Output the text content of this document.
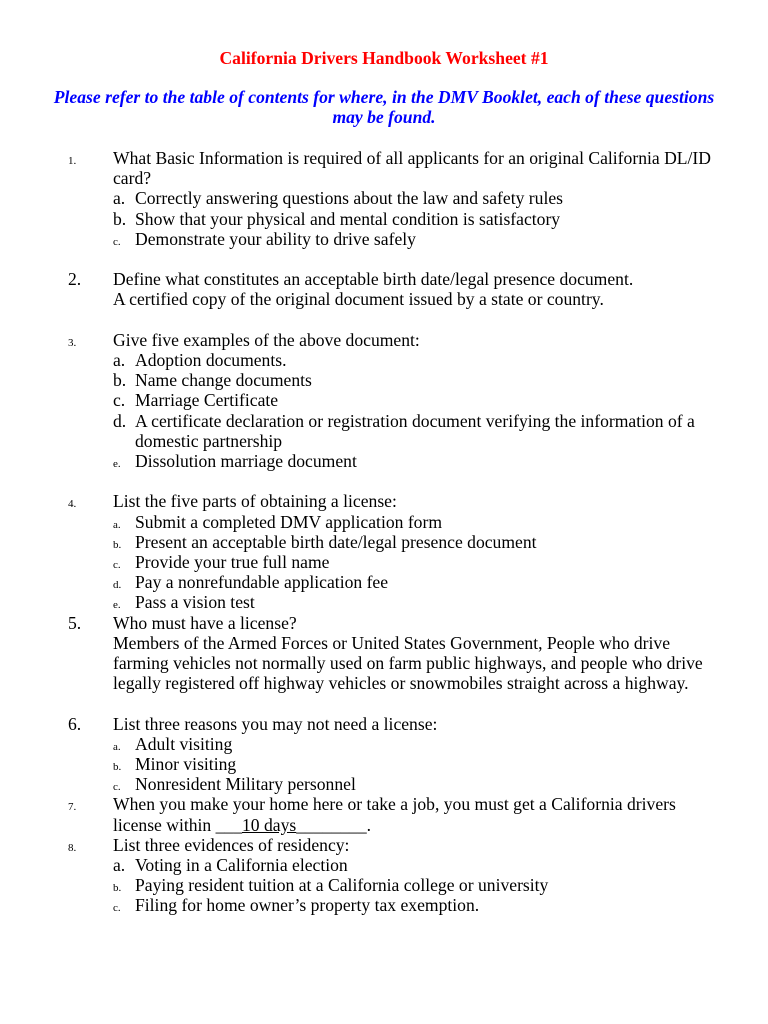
California Drivers Handbook Worksheet #1

Please refer to the table of contents for where, in the DMV Booklet, each of these questions may be found.

1.	What Basic Information is required of all applicants for an original California DL/ID card?
a. Correctly answering questions about the law and safety rules
b. Show that your physical and mental condition is satisfactory
c. Demonstrate your ability to drive safely
2.	Define what constitutes an acceptable birth date/legal presence document.
A certified copy of the original document issued by a state or country.
3.	Give five examples of the above document:
a. Adoption documents.
b. Name change documents
c. Marriage Certificate
d. A certificate declaration or registration document verifying the information of a domestic partnership
e. Dissolution marriage document
4.	List the five parts of obtaining a license:
a. Submit a completed DMV application form
b. Present an acceptable birth date/legal presence document
c. Provide your true full name
d. Pay a nonrefundable application fee
e. Pass a vision test
5.	Who must have a license?
Members of the Armed Forces or United States Government, People who drive farming vehicles not normally used on farm public highways, and people who drive legally registered off highway vehicles or snowmobiles straight across a highway.
6.	List three reasons you may not need a license:
a. Adult visiting
b. Minor visiting
c. Nonresident Military personnel
7.	When you make your home here or take a job, you must get a California drivers license within ___10 days________.
8.	List three evidences of residency:
a. Voting in a California election
b. Paying resident tuition at a California college or university
c. Filing for home owner’s property tax exemption.
